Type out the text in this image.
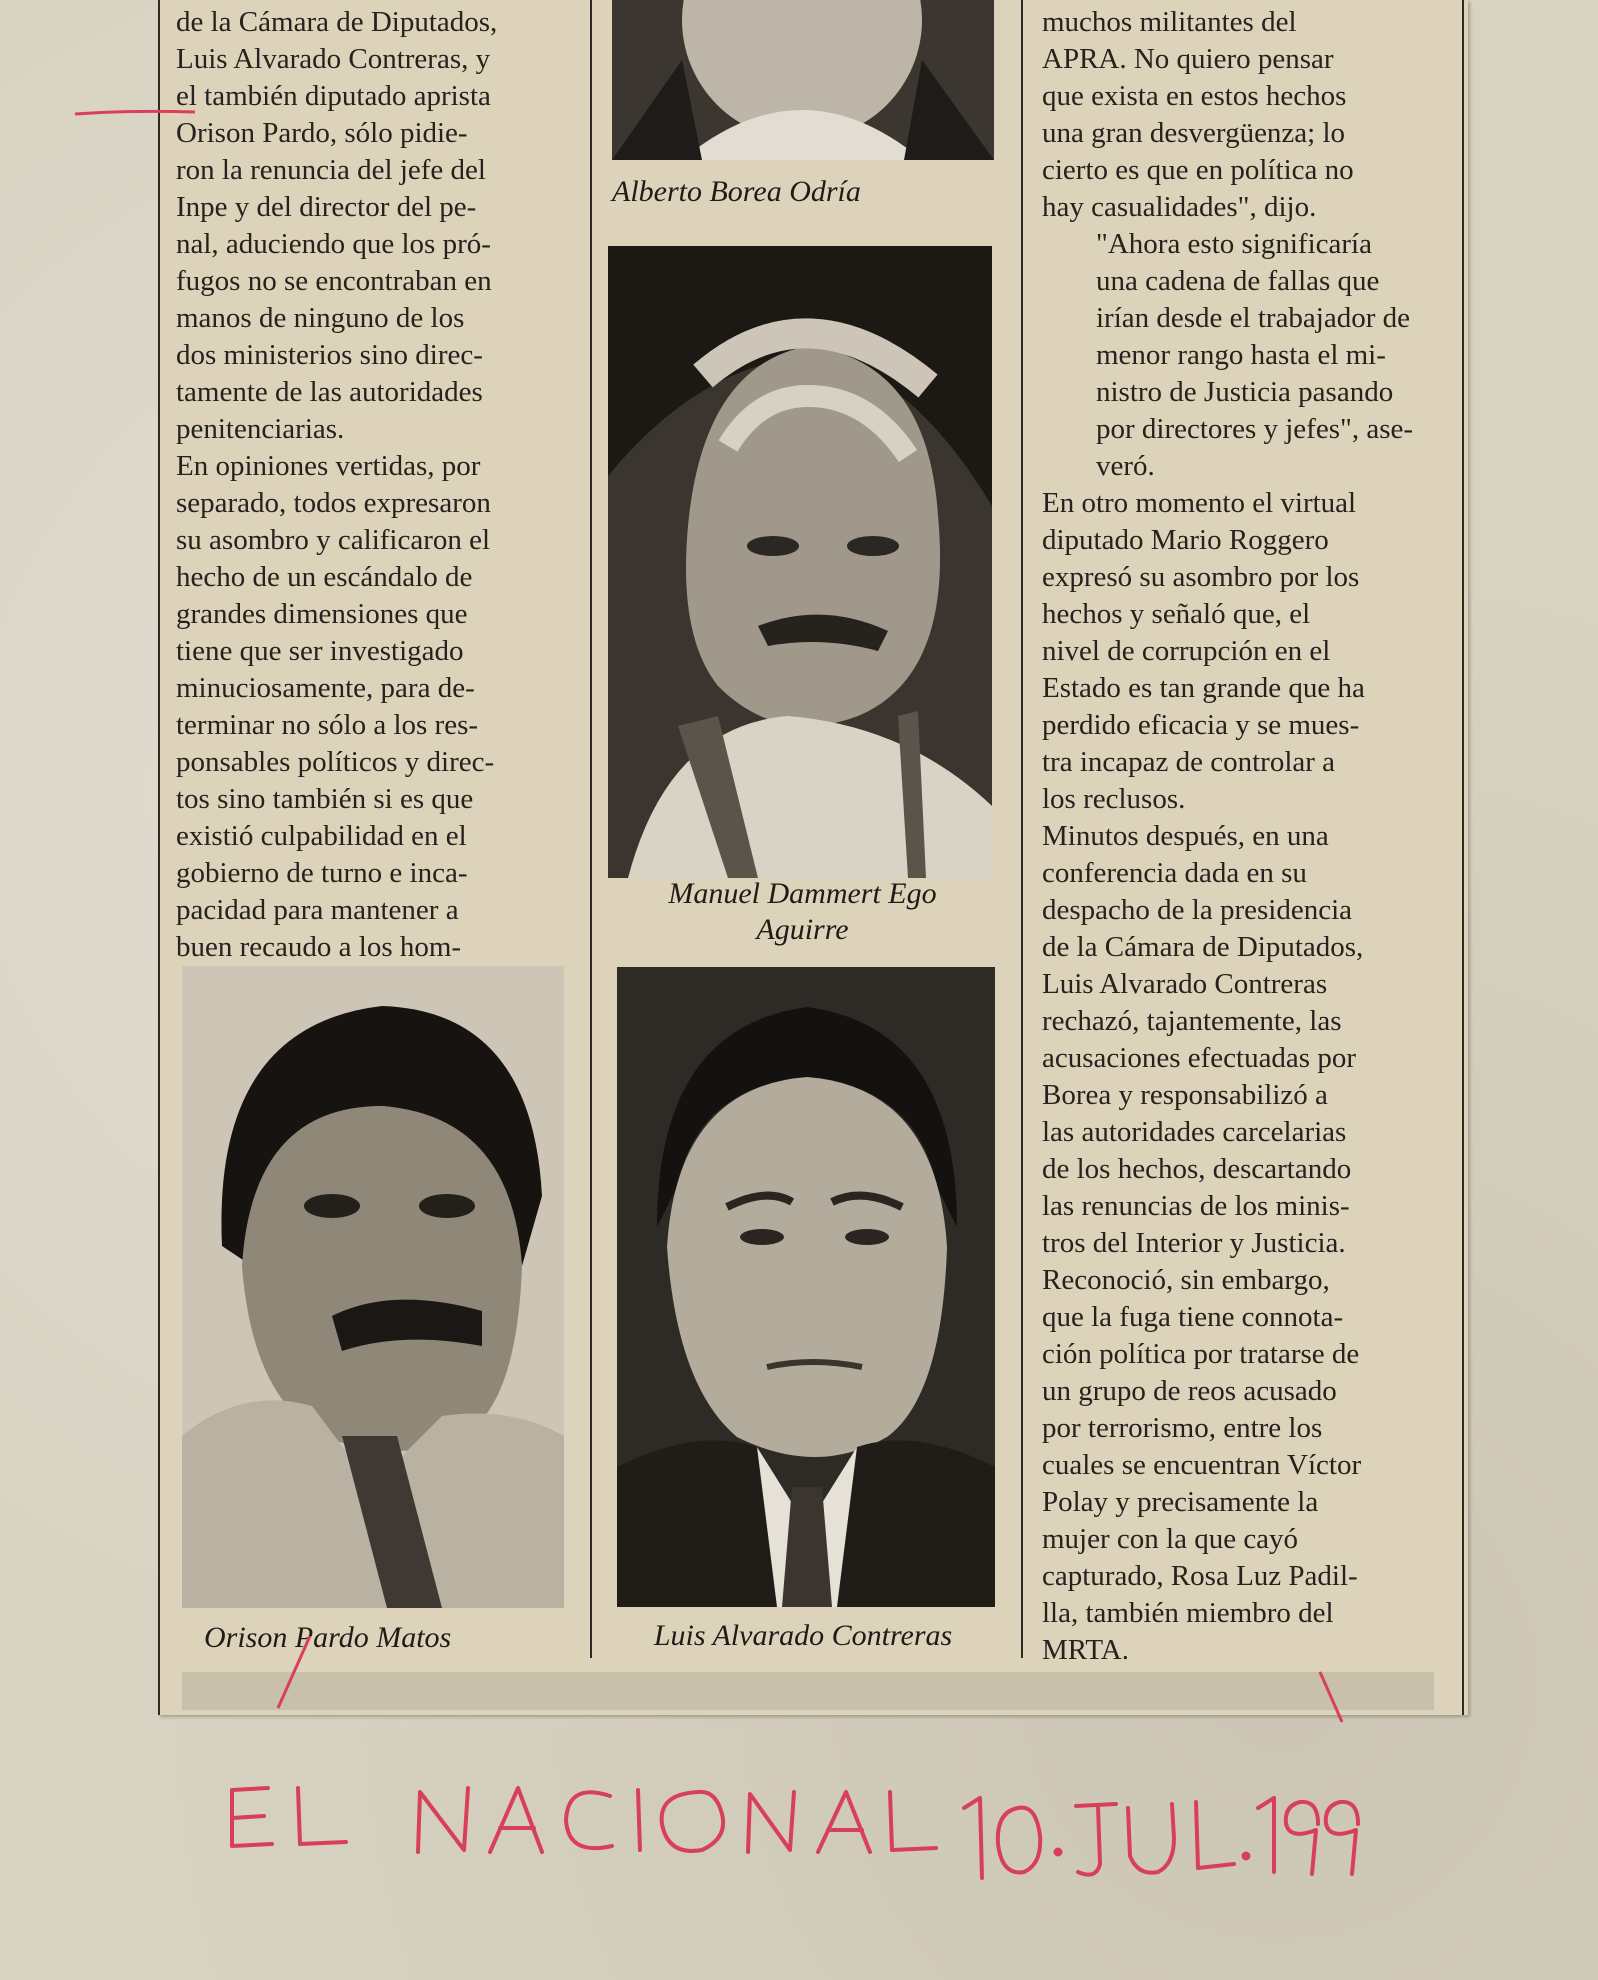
de la Cámara de Diputados,
Luis Alvarado Contreras, y
el también diputado aprista
Orison Pardo, sólo pidie-
ron la renuncia del jefe del
Inpe y del director del pe-
nal, aduciendo que los pró-
fugos no se encontraban en
manos de ninguno de los
dos ministerios sino direc-
tamente de las autoridades
penitenciarias.

En opiniones vertidas, por
separado, todos expresaron
su asombro y calificaron el
hecho de un escándalo de
grandes dimensiones que
tiene que ser investigado
minuciosamente, para de-
terminar no sólo a los res-
ponsables políticos y direc-
tos sino también si es que
existió culpabilidad en el
gobierno de turno e inca-
pacidad para mantener a
buen recaudo a los hom-

muchos militantes del
APRA. No quiero pensar
que exista en estos hechos
una gran desvergüenza; lo
cierto es que en política no
hay casualidades", dijo.

"Ahora esto significaría
una cadena de fallas que
irían desde el trabajador de
menor rango hasta el mi-
nistro de Justicia pasando
por directores y jefes", ase-
veró.

En otro momento el virtual
diputado Mario Roggero
expresó su asombro por los
hechos y señaló que, el
nivel de corrupción en el
Estado es tan grande que ha
perdido eficacia y se mues-
tra incapaz de controlar a
los reclusos.

Minutos después, en una
conferencia dada en su
despacho de la presidencia
de la Cámara de Diputados,
Luis Alvarado Contreras
rechazó, tajantemente, las
acusaciones efectuadas por
Borea y responsabilizó a
las autoridades carcelarias
de los hechos, descartando
las renuncias de los minis-
tros del Interior y Justicia.
Reconoció, sin embargo,
que la fuga tiene connota-
ción política por tratarse de
un grupo de reos acusado
por terrorismo, entre los
cuales se encuentran Víctor
Polay y precisamente la
mujer con la que cayó
capturado, Rosa Luz Padil-
lla, también miembro del
MRTA.

Alberto Borea Odría
Manuel Dammert Ego
Aguirre
Orison Pardo Matos	Luis Alvarado Contreras
